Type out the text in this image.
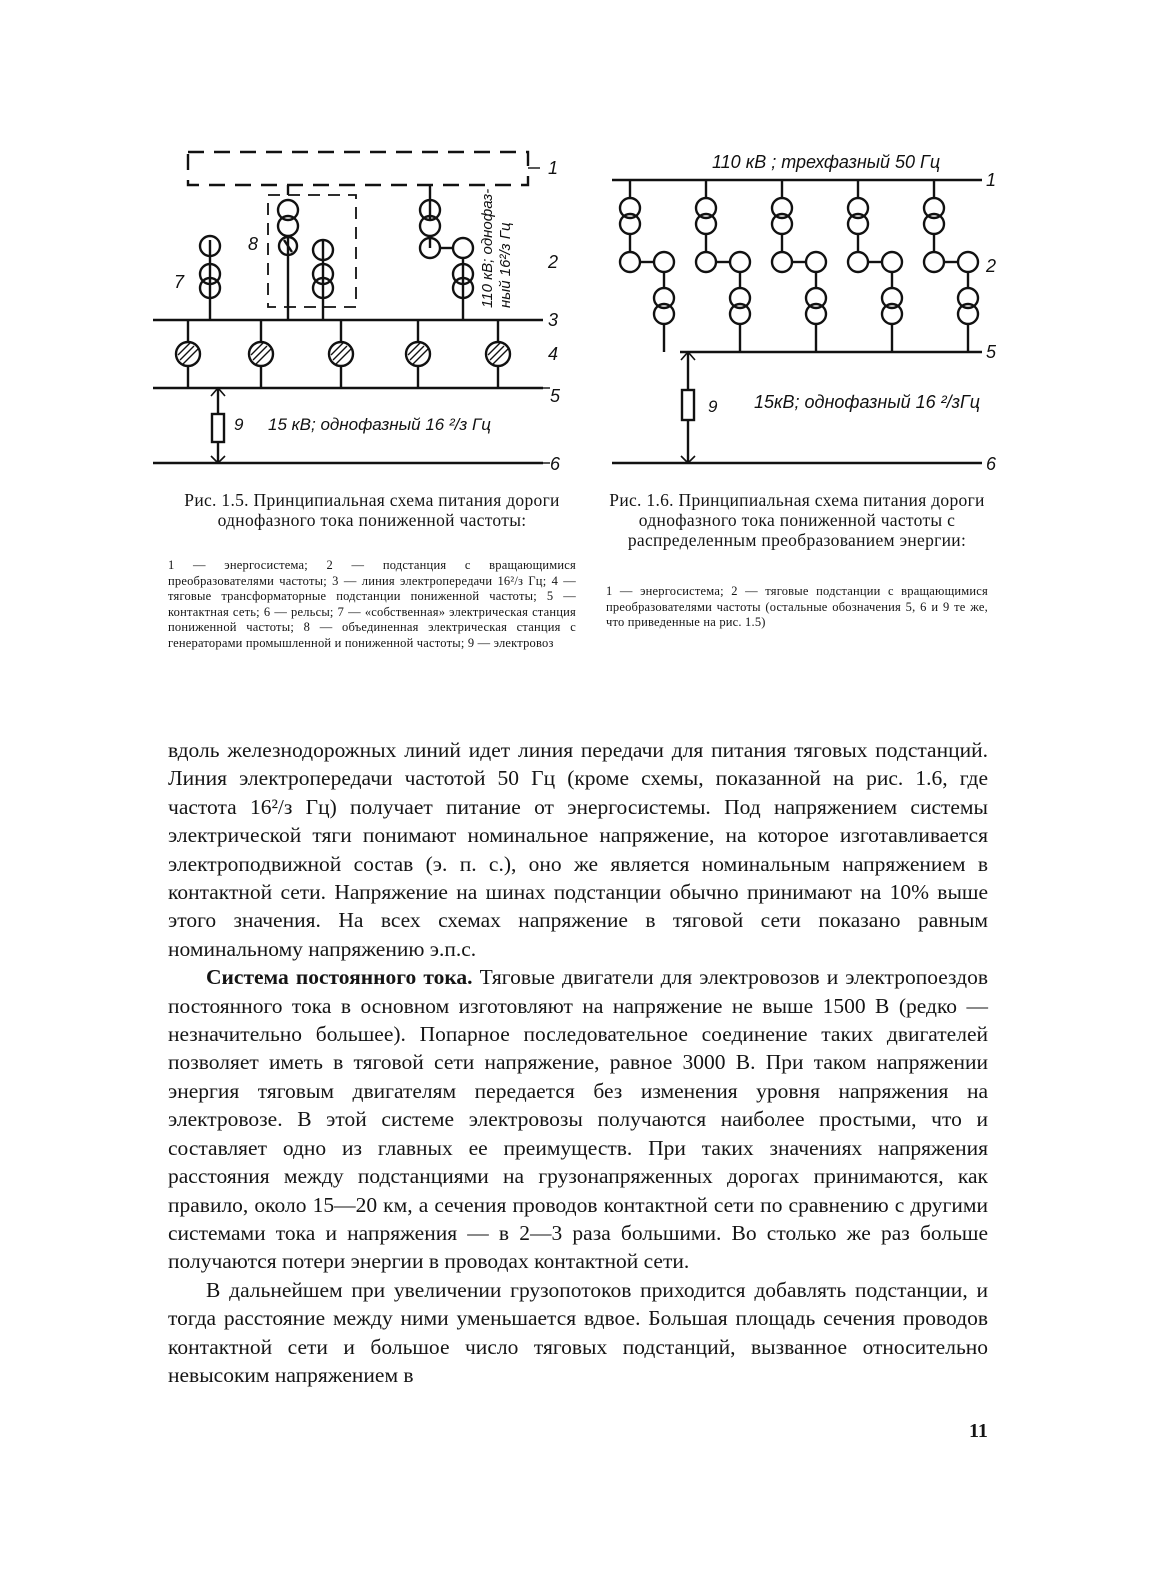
1
2
3
4
5
6
7
8
9 15 кВ; однофазный 16 ²/з Гц
110 кВ; однофаз- ный 16²/з Гц
110 кВ ; трехфазный 50 Гц
1
2
5
6
9 15кВ; однофазный 16 ²/зГц
Рис. 1.5. Принципиальная схема питания дороги однофазного тока пониженной частоты:
1 — энергосистема; 2 — подстанция с вращающимися преобразователями частоты; 3 — линия электропередачи 16²/з Гц; 4 — тяговые трансформаторные подстанции пониженной частоты; 5 — контактная сеть; 6 — рельсы; 7 — «собственная» электрическая станция пониженной частоты; 8 — объединенная электрическая станция с генераторами промышленной и пониженной частоты; 9 — электровоз
Рис. 1.6. Принципиальная схема питания дороги однофазного тока пониженной частоты с распределенным преобразованием энергии:
1 — энергосистема; 2 — тяговые подстанции с вращающимися преобразователями частоты (остальные обозначения 5, 6 и 9 те же, что приведенные на рис. 1.5)

вдоль железнодорожных линий идет линия передачи для питания тяговых подстанций. Линия электропередачи частотой 50 Гц (кроме схемы, показанной на рис. 1.6, где частота 16²/з Гц) получает питание от энергосистемы. Под напряжением системы электрической тяги понимают номинальное напряжение, на которое изготавливается электроподвижной состав (э. п. с.), оно же является номинальным напряжением в контактной сети. Напряжение на шинах подстанции обычно принимают на 10% выше этого значения. На всех схемах напряжение в тяговой сети показано равным номинальному напряжению э.п.с.

Система постоянного тока. Тяговые двигатели для электровозов и электропоездов постоянного тока в основном изготовляют на напряжение не выше 1500 В (редко — незначительно большее). Попарное последовательное соединение таких двигателей позволяет иметь в тяговой сети напряжение, равное 3000 В. При таком напряжении энергия тяговым двигателям передается без изменения уровня напряжения на электровозе. В этой системе электровозы получаются наиболее простыми, что и составляет одно из главных ее преимуществ. При таких значениях напряжения расстояния между подстанциями на грузонапряженных дорогах принимаются, как правило, около 15—20 км, а сечения проводов контактной сети по сравнению с другими системами тока и напряжения — в 2—3 раза большими. Во столько же раз больше получаются потери энергии в проводах контактной сети.

В дальнейшем при увеличении грузопотоков приходится добавлять подстанции, и тогда расстояние между ними уменьшается вдвое. Большая площадь сечения проводов контактной сети и большое число тяговых подстанций, вызванное относительно невысоким напряжением в

11
